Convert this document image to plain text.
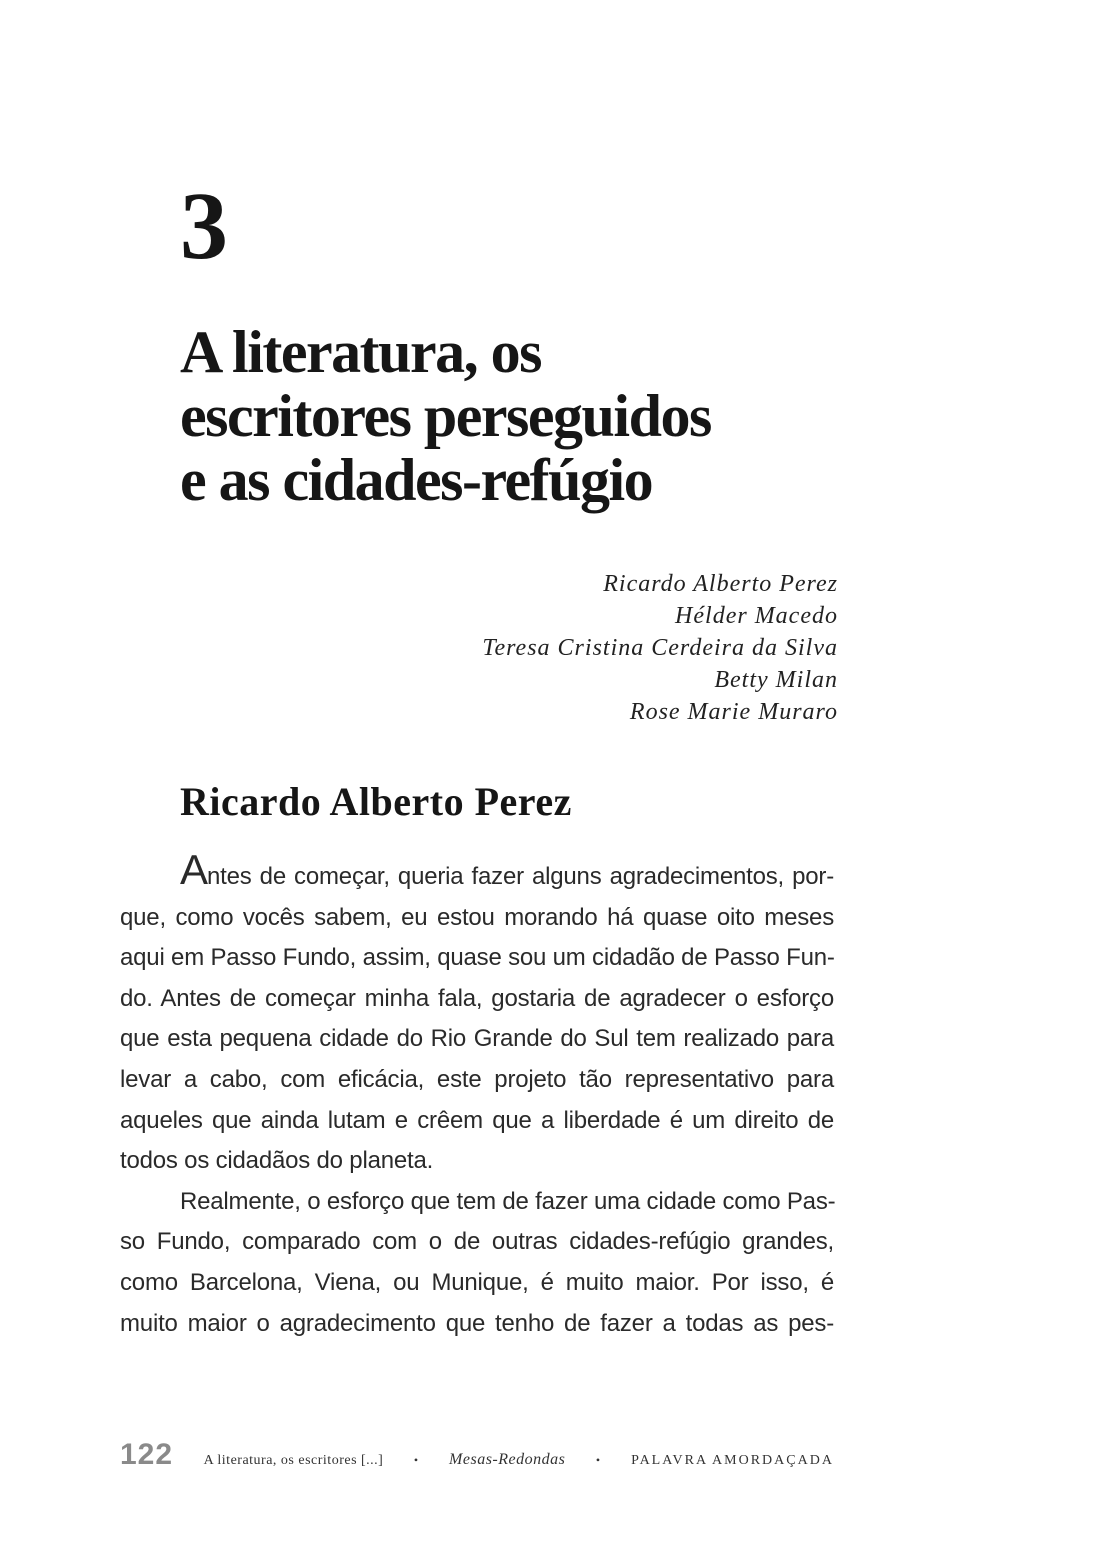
3
A literatura, os
escritores perseguidos
e as cidades-refúgio
Ricardo Alberto Perez
Hélder Macedo
Teresa Cristina Cerdeira da Silva
Betty Milan
Rose Marie Muraro
Ricardo Alberto Perez
Antes de começar, queria fazer alguns agradecimentos, por-
que, como vocês sabem, eu estou morando há quase oito meses
aqui em Passo Fundo, assim, quase sou um cidadão de Passo Fun-
do. Antes de começar minha fala, gostaria de agradecer o esforço
que esta pequena cidade do Rio Grande do Sul tem realizado para
levar a cabo, com eficácia, este projeto tão representativo para
aqueles que ainda lutam e crêem que a liberdade é um direito de
todos os cidadãos do planeta.
Realmente, o esforço que tem de fazer uma cidade como Pas-
so Fundo, comparado com o de outras cidades-refúgio grandes,
como Barcelona, Viena, ou Munique, é muito maior. Por isso, é
muito maior o agradecimento que tenho de fazer a todas as pes-
122 A literatura, os escritores [...]	• Mesas-Redondas	• PALAVRA AMORDAÇADA
